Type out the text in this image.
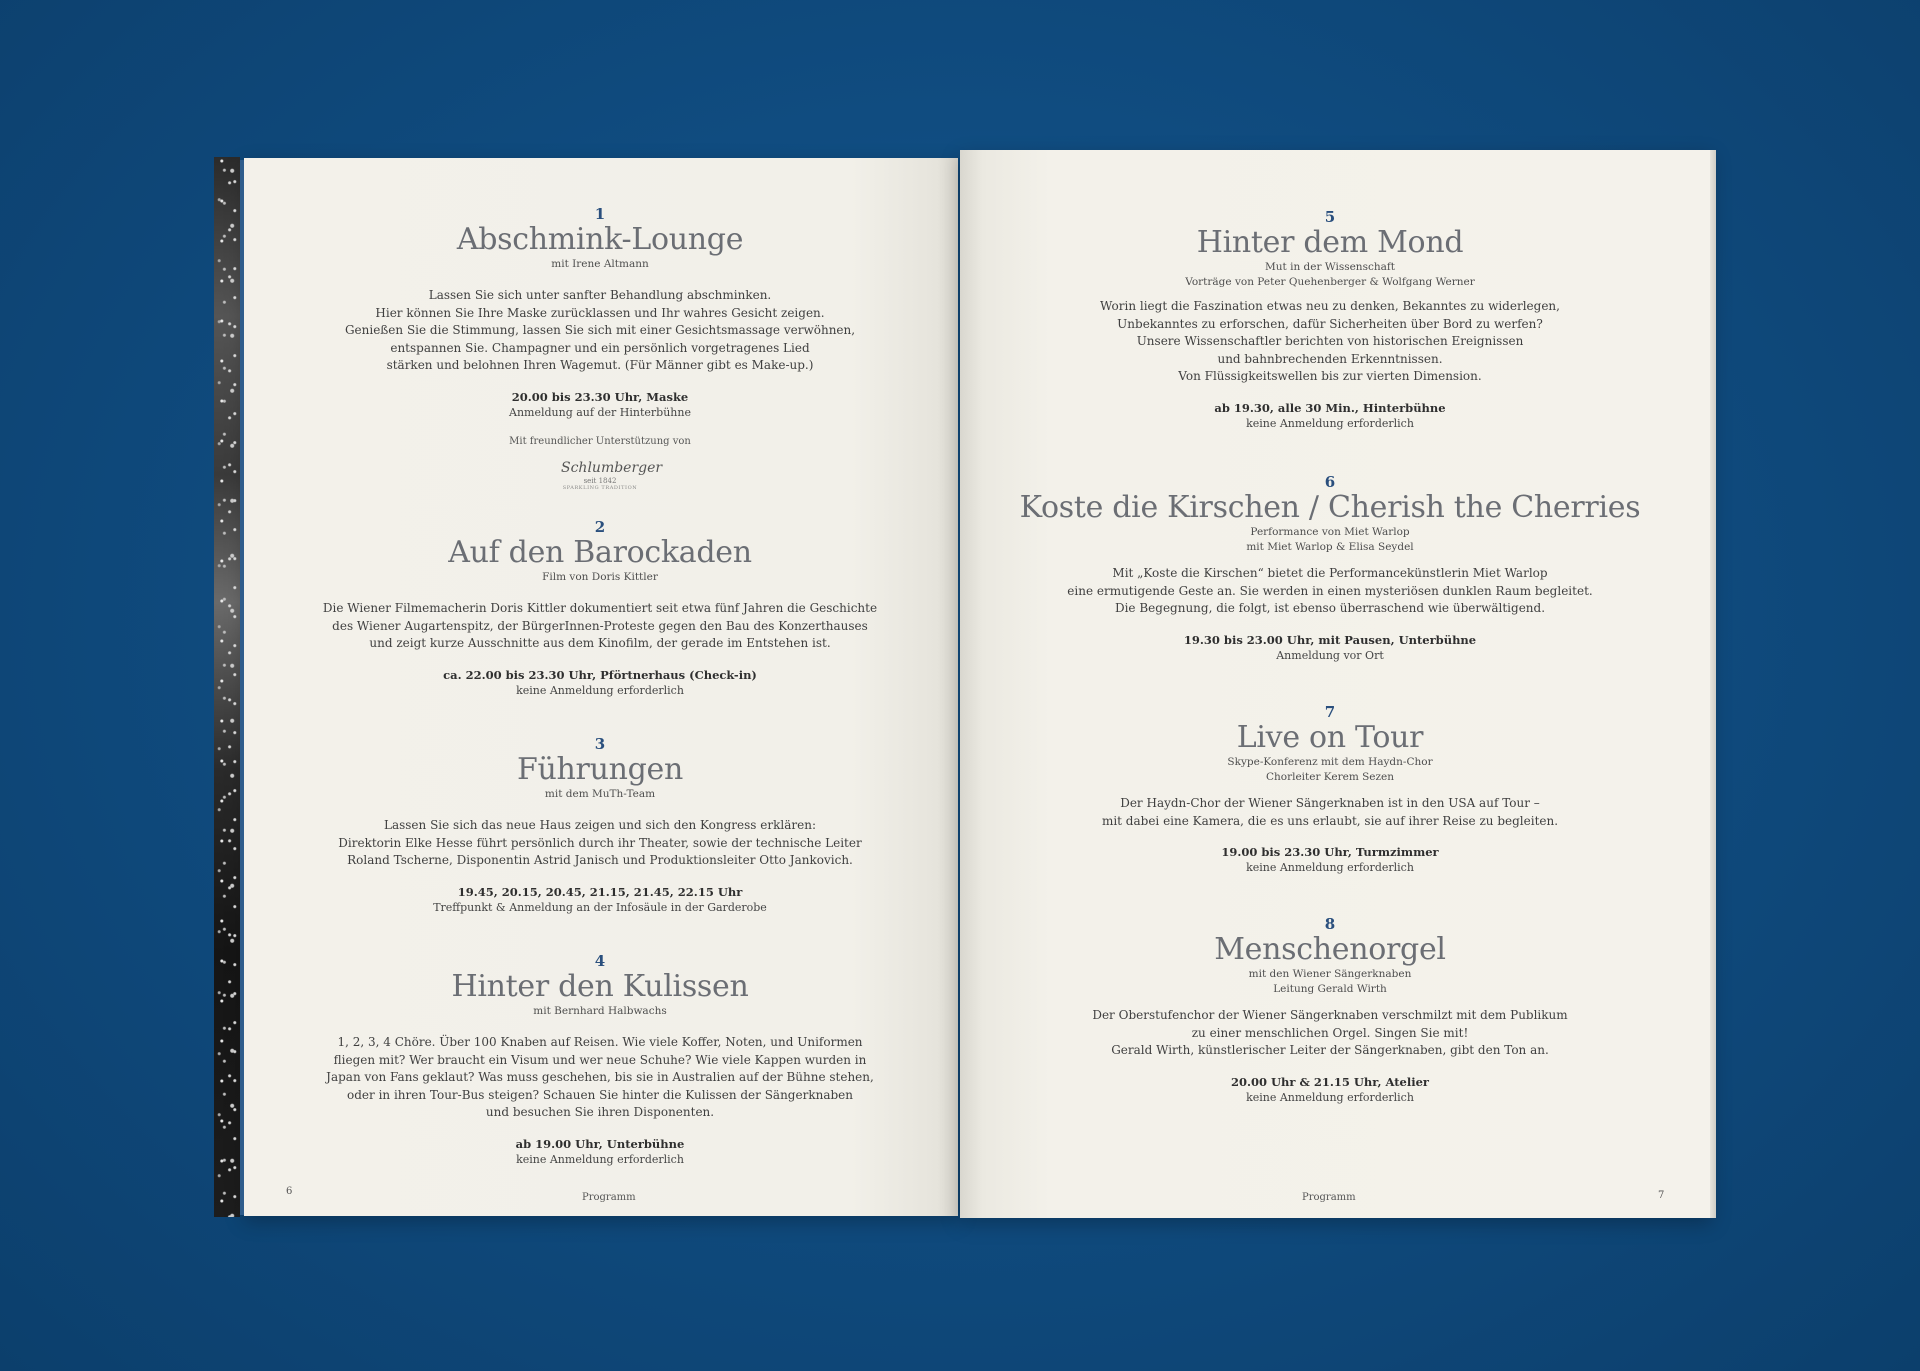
1
Abschmink-Lounge
mit Irene Altmann
Lassen Sie sich unter sanfter Behandlung abschminken.
Hier können Sie Ihre Maske zurücklassen und Ihr wahres Gesicht zeigen.
Genießen Sie die Stimmung, lassen Sie sich mit einer Gesichtsmassage verwöhnen,
entspannen Sie. Champagner und ein persönlich vorgetragenes Lied
stärken und belohnen Ihren Wagemut. (Für Männer gibt es Make-up.)
20.00 bis 23.30 Uhr, Maske
Anmeldung auf der Hinterbühne
Mit freundlicher Unterstützung von
Schlumberger
seit 1842
SPARKLING TRADITION
2
Auf den Barockaden
Film von Doris Kittler
Die Wiener Filmemacherin Doris Kittler dokumentiert seit etwa fünf Jahren die Geschichte
des Wiener Augartenspitz, der BürgerInnen-Proteste gegen den Bau des Konzerthauses
und zeigt kurze Ausschnitte aus dem Kinofilm, der gerade im Entstehen ist.
ca. 22.00 bis 23.30 Uhr, Pförtnerhaus (Check-in)
keine Anmeldung erforderlich
3
Führungen
mit dem MuTh-Team
Lassen Sie sich das neue Haus zeigen und sich den Kongress erklären:
Direktorin Elke Hesse führt persönlich durch ihr Theater, sowie der technische Leiter
Roland Tscherne, Disponentin Astrid Janisch und Produktionsleiter Otto Jankovich.
19.45, 20.15, 20.45, 21.15, 21.45, 22.15 Uhr
Treffpunkt & Anmeldung an der Infosäule in der Garderobe
4
Hinter den Kulissen
mit Bernhard Halbwachs
1, 2, 3, 4 Chöre. Über 100 Knaben auf Reisen. Wie viele Koffer, Noten, und Uniformen
fliegen mit? Wer braucht ein Visum und wer neue Schuhe? Wie viele Kappen wurden in
Japan von Fans geklaut? Was muss geschehen, bis sie in Australien auf der Bühne stehen,
oder in ihren Tour-Bus steigen? Schauen Sie hinter die Kulissen der Sängerknaben
und besuchen Sie ihren Disponenten.
ab 19.00 Uhr, Unterbühne
keine Anmeldung erforderlich
6
Programm
5
Hinter dem Mond
Mut in der Wissenschaft
Vorträge von Peter Quehenberger & Wolfgang Werner
Worin liegt die Faszination etwas neu zu denken, Bekanntes zu widerlegen,
Unbekanntes zu erforschen, dafür Sicherheiten über Bord zu werfen?
Unsere Wissenschaftler berichten von historischen Ereignissen
und bahnbrechenden Erkenntnissen.
Von Flüssigkeitswellen bis zur vierten Dimension.
ab 19.30, alle 30 Min., Hinterbühne
keine Anmeldung erforderlich
6
Koste die Kirschen / Cherish the Cherries
Performance von Miet Warlop
mit Miet Warlop & Elisa Seydel
Mit „Koste die Kirschen“ bietet die Performancekünstlerin Miet Warlop
eine ermutigende Geste an. Sie werden in einen mysteriösen dunklen Raum begleitet.
Die Begegnung, die folgt, ist ebenso überraschend wie überwältigend.
19.30 bis 23.00 Uhr, mit Pausen, Unterbühne
Anmeldung vor Ort
7
Live on Tour
Skype-Konferenz mit dem Haydn-Chor
Chorleiter Kerem Sezen
Der Haydn-Chor der Wiener Sängerknaben ist in den USA auf Tour –
mit dabei eine Kamera, die es uns erlaubt, sie auf ihrer Reise zu begleiten.
19.00 bis 23.30 Uhr, Turmzimmer
keine Anmeldung erforderlich
8
Menschenorgel
mit den Wiener Sängerknaben
Leitung Gerald Wirth
Der Oberstufenchor der Wiener Sängerknaben verschmilzt mit dem Publikum
zu einer menschlichen Orgel. Singen Sie mit!
Gerald Wirth, künstlerischer Leiter der Sängerknaben, gibt den Ton an.
20.00 Uhr & 21.15 Uhr, Atelier
keine Anmeldung erforderlich
Programm	7
